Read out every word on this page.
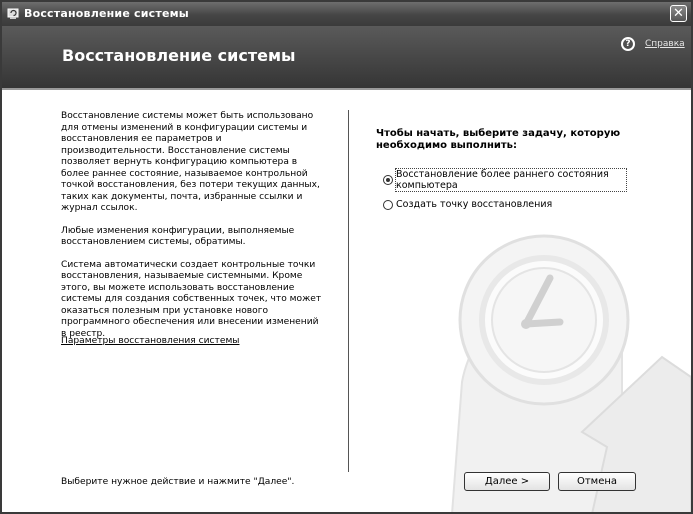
Восстановление системы	✕
Восстановление системы
?	Справка

Восстановление системы может быть использовано для отмены изменений в конфигурации системы и восстановления ее параметров и производительности. Восстановление системы позволяет вернуть конфигурацию компьютера в более раннее состояние, называемое контрольной точкой восстановления, без потери текущих данных, таких как документы, почта, избранные ссылки и журнал ссылок.

Любые изменения конфигурации, выполняемые восстановлением системы, обратимы.

Система автоматически создает контрольные точки восстановления, называемые системными. Кроме этого, вы можете использовать восстановление системы для создания собственных точек, что может оказаться полезным при установке нового программного обеспечения или внесении изменений в реестр.

Параметры восстановления системы
Выберите нужное действие и нажмите "Далее".
Чтобы начать, выберите задачу, которую необходимо выполнить:
Восстановление более раннего состояния компьютера
Создать точку восстановления
Далее >	Отмена
